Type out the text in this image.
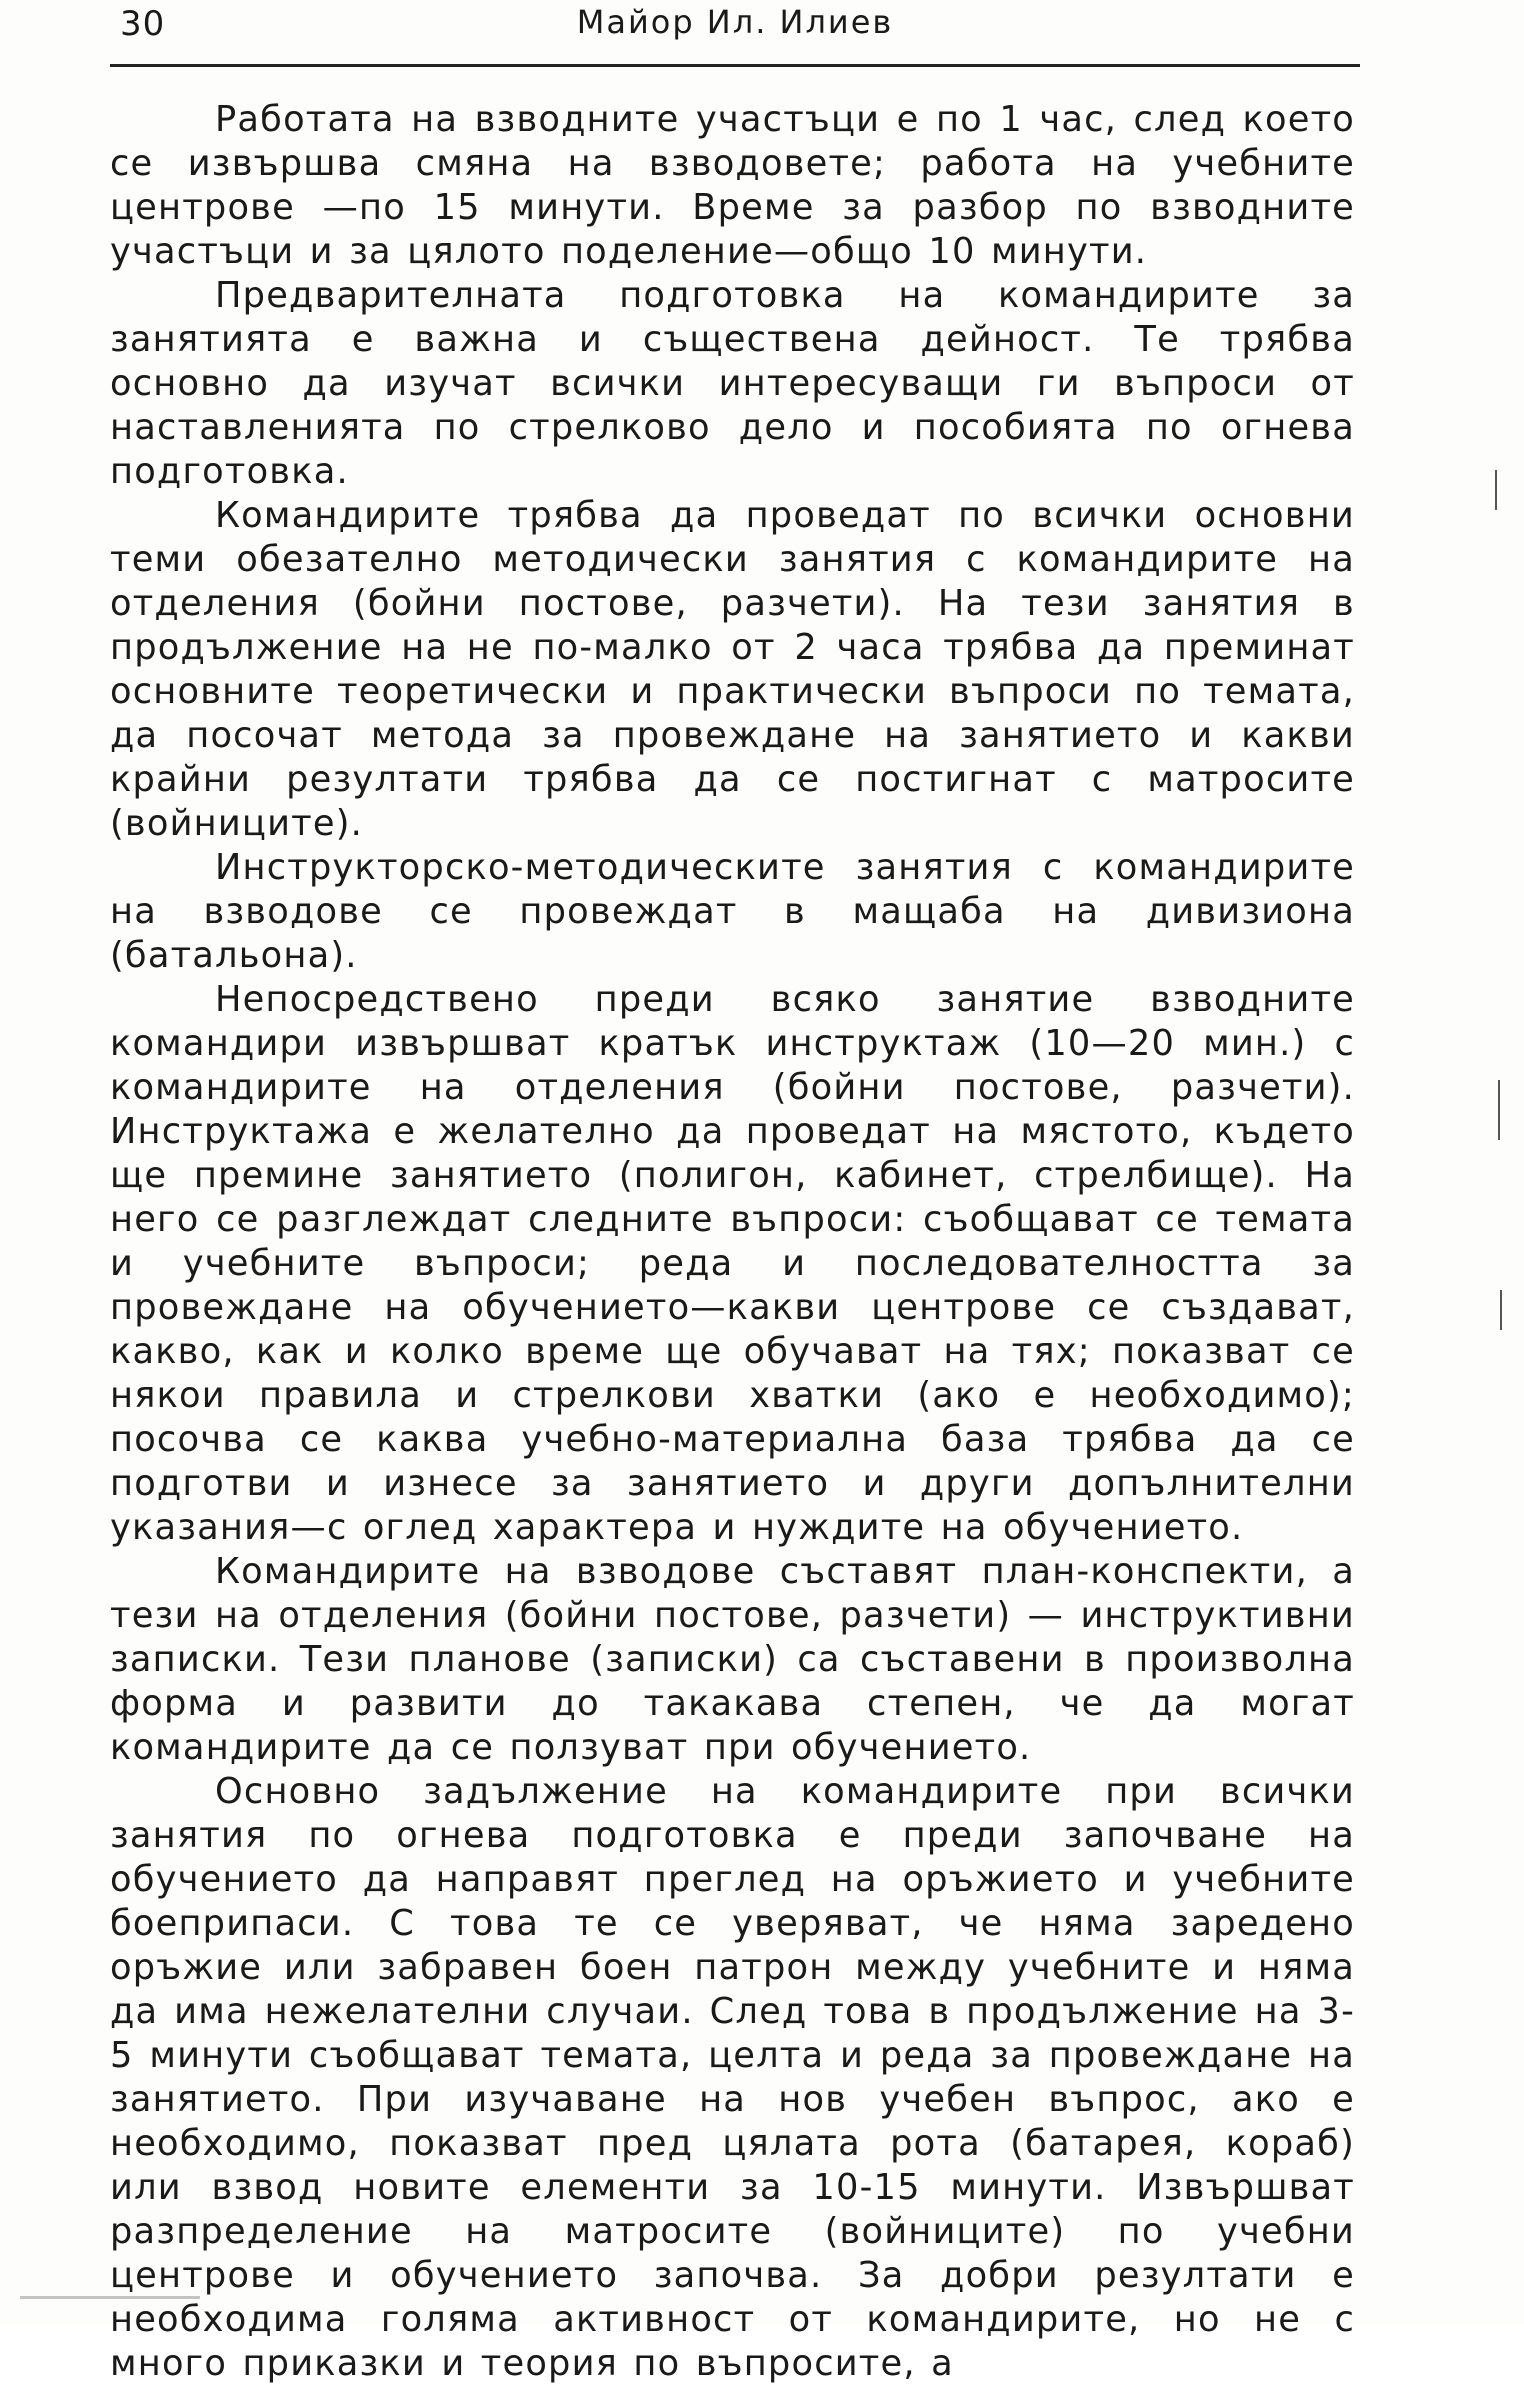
30	Майор Ил. Илиев

Работата на взводните участъци е по 1 час, след което се извършва смяна на взводовете; работа на учебните центрове —по 15 минути. Време за разбор по взводните участъци и за цялото поделение—общо 10 минути.

Предварителната подготовка на командирите за занятията е важна и съществена дейност. Те трябва основно да изучат всички интересуващи ги въпроси от наставленията по стрелково дело и пособията по огнева подготовка.

Командирите трябва да проведат по всички основни теми обезателно методически занятия с командирите на отделения (бойни постове, разчети). На тези занятия в продължение на не по-малко от 2 часа трябва да преминат основните теоретически и практически въпроси по темата, да посочат метода за провеждане на занятието и какви крайни резултати трябва да се постигнат с матросите (войниците).

Инструкторско-методическите занятия с командирите на взводове се провеждат в мащаба на дивизиона (батальона).

Непосредствено преди всяко занятие взводните командири извършват кратък инструктаж (10—20 мин.) с командирите на отделения (бойни постове, разчети). Инструктажа е желателно да проведат на мястото, където ще премине занятието (полигон, кабинет, стрелбище). На него се разглеждат следните въпроси: съобщават се темата и учебните въпроси; реда и последователността за провеждане на обучението—какви центрове се създават, какво, как и колко време ще обучават на тях; показват се някои правила и стрелкови хватки (ако е необходимо); посочва се каква учебно-материална база трябва да се подготви и изнесе за занятието и други допълнителни указания—с оглед характера и нуждите на обучението.

Командирите на взводове съставят план-конспекти, а тези на отделения (бойни постове, разчети) — инструктивни записки. Тези планове (записки) са съставени в произволна форма и развити до такакава степен, че да могат командирите да се ползуват при обучението.

Основно задължение на командирите при всички занятия по огнева подготовка е преди започване на обучението да направят преглед на оръжието и учебните боеприпаси. С това те се уверяват, че няма заредено оръжие или забравен боен патрон между учебните и няма да има нежелателни случаи. След това в продължение на 3-5 минути съобщават темата, целта и реда за провеждане на занятието. При изучаване на нов учебен въпрос, ако е необходимо, показват пред цялата рота (батарея, кораб) или взвод новите елементи за 10-15 минути. Извършват разпределение на матросите (войниците) по учебни центрове и обучението започва. За добри резултати е необходима голяма активност от командирите, но не с много приказки и теория по въпросите, а
